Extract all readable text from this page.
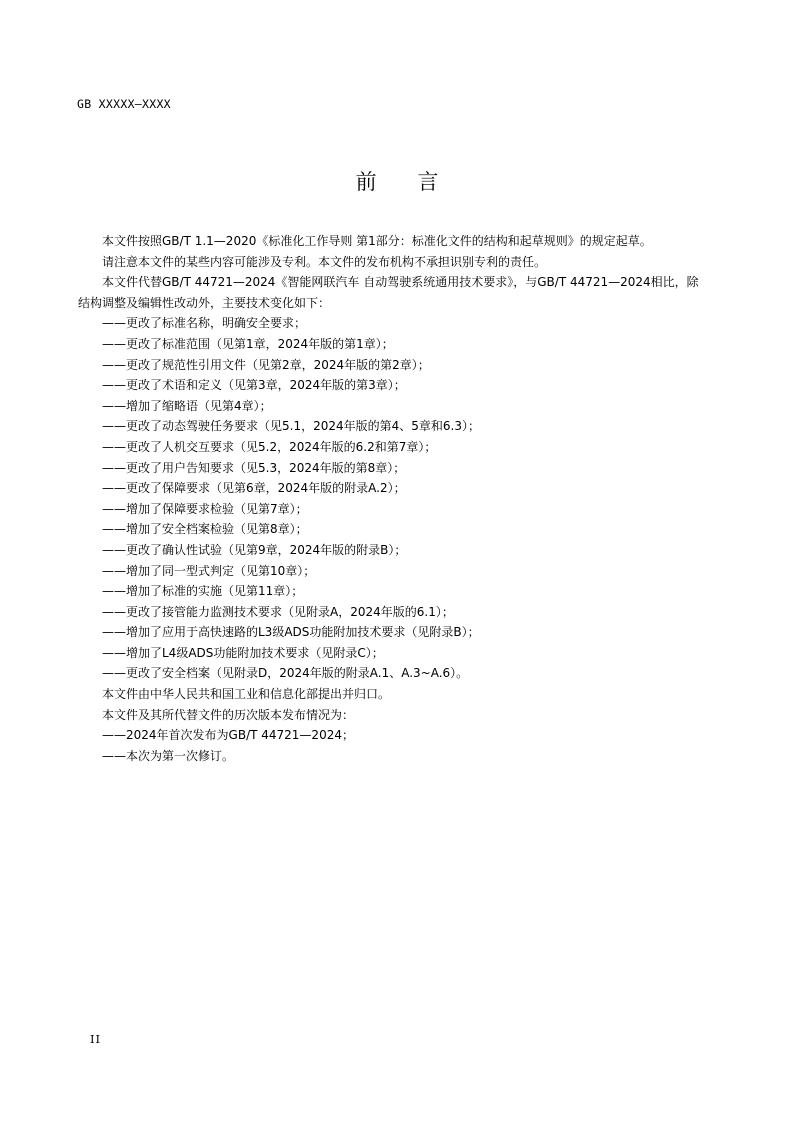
GB XXXXX—XXXX
前 言

本文件按照GB/T 1.1—2020《标准化工作导则 第1部分：标准化文件的结构和起草规则》的规定起草。

请注意本文件的某些内容可能涉及专利。本文件的发布机构不承担识别专利的责任。

本文件代替GB/T 44721—2024《智能网联汽车 自动驾驶系统通用技术要求》，与GB/T 44721—2024相比，除结构调整及编辑性改动外，主要技术变化如下：

——更改了标准名称，明确安全要求；

——更改了标准范围（见第1章，2024年版的第1章）；

——更改了规范性引用文件（见第2章，2024年版的第2章）；

——更改了术语和定义（见第3章，2024年版的第3章）；

——增加了缩略语（见第4章）；

——更改了动态驾驶任务要求（见5.1，2024年版的第4、5章和6.3）；

——更改了人机交互要求（见5.2，2024年版的6.2和第7章）；

——更改了用户告知要求（见5.3，2024年版的第8章）；

——更改了保障要求（见第6章，2024年版的附录A.2）；

——增加了保障要求检验（见第7章）；

——增加了安全档案检验（见第8章）；

——更改了确认性试验（见第9章，2024年版的附录B）；

——增加了同一型式判定（见第10章）；

——增加了标准的实施（见第11章）；

——更改了接管能力监测技术要求（见附录A，2024年版的6.1）；

——增加了应用于高快速路的L3级ADS功能附加技术要求（见附录B）；

——增加了L4级ADS功能附加技术要求（见附录C）；

——更改了安全档案（见附录D，2024年版的附录A.1、A.3~A.6）。

本文件由中华人民共和国工业和信息化部提出并归口。

本文件及其所代替文件的历次版本发布情况为：

——2024年首次发布为GB/T 44721—2024；

——本次为第一次修订。

II
